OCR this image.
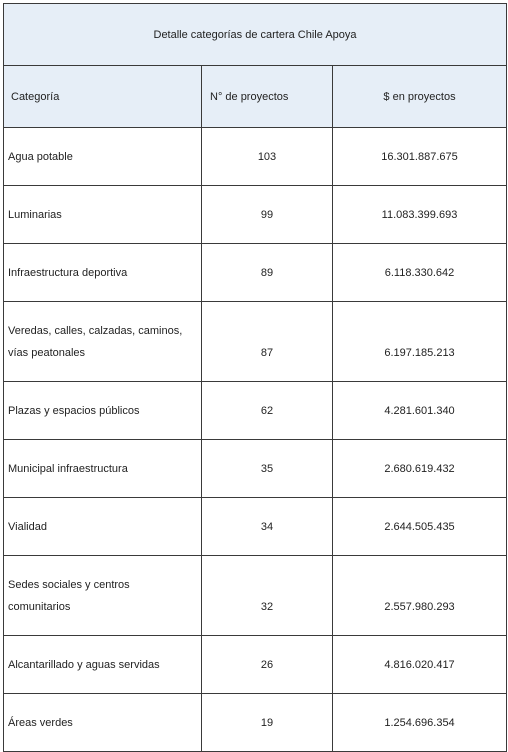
Detalle categorías de cartera Chile Apoya		
Categoría	N° de proyectos	$ en proyectos
Agua potable	103	16.301.887.675
Luminarias	99	11.083.399.693
Infraestructura deportiva	89	6.118.330.642
Veredas, calles, calzadas, caminos,
vías peatonales	87	6.197.185.213
Plazas y espacios públicos	62	4.281.601.340
Municipal infraestructura	35	2.680.619.432
Vialidad	34	2.644.505.435
Sedes sociales y centros
comunitarios	32	2.557.980.293
Alcantarillado y aguas servidas	26	4.816.020.417
Áreas verdes	19	1.254.696.354
